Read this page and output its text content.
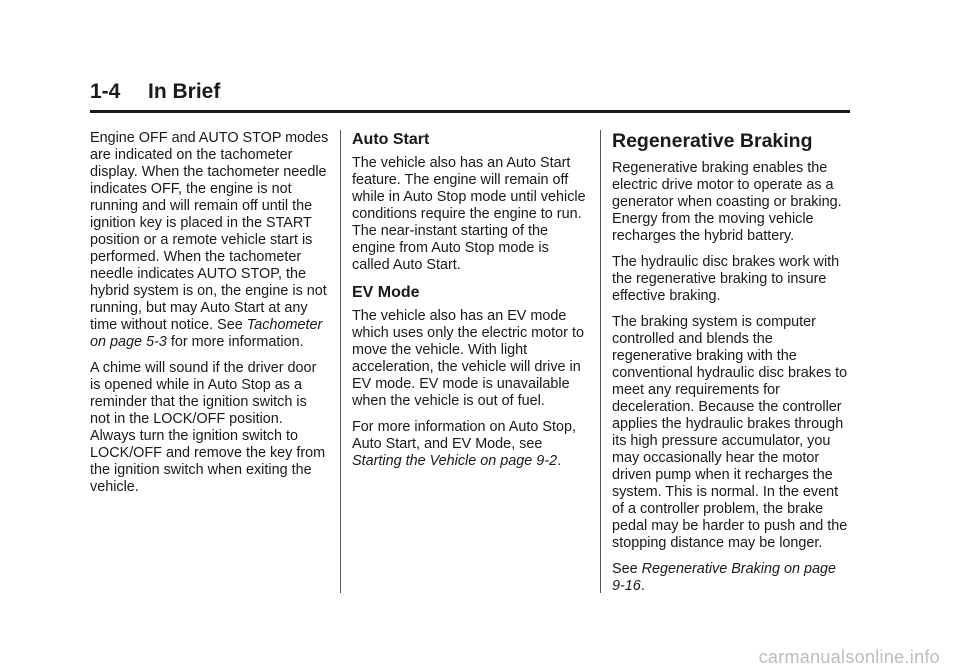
1-4 In Brief

Engine OFF and AUTO STOP modes are indicated on the tachometer display. When the tachometer needle indicates OFF, the engine is not running and will remain off until the ignition key is placed in the START position or a remote vehicle start is performed. When the tachometer needle indicates AUTO STOP, the hybrid system is on, the engine is not running, but may Auto Start at any time without notice. See Tachometer on page 5-3 for more information.

A chime will sound if the driver door is opened while in Auto Stop as a reminder that the ignition switch is not in the LOCK/OFF position. Always turn the ignition switch to LOCK/OFF and remove the key from the ignition switch when exiting the vehicle.

Auto Start

The vehicle also has an Auto Start feature. The engine will remain off while in Auto Stop mode until vehicle conditions require the engine to run. The near-instant starting of the engine from Auto Stop mode is called Auto Start.

EV Mode

The vehicle also has an EV mode which uses only the electric motor to move the vehicle. With light acceleration, the vehicle will drive in EV mode. EV mode is unavailable when the vehicle is out of fuel.

For more information on Auto Stop, Auto Start, and EV Mode, see Starting the Vehicle on page 9-2.

Regenerative Braking

Regenerative braking enables the electric drive motor to operate as a generator when coasting or braking. Energy from the moving vehicle recharges the hybrid battery.

The hydraulic disc brakes work with the regenerative braking to insure effective braking.

The braking system is computer controlled and blends the regenerative braking with the conventional hydraulic disc brakes to meet any requirements for deceleration. Because the controller applies the hydraulic brakes through its high pressure accumulator, you may occasionally hear the motor driven pump when it recharges the system. This is normal. In the event of a controller problem, the brake pedal may be harder to push and the stopping distance may be longer.

See Regenerative Braking on page 9-16.

carmanualsonline.info
